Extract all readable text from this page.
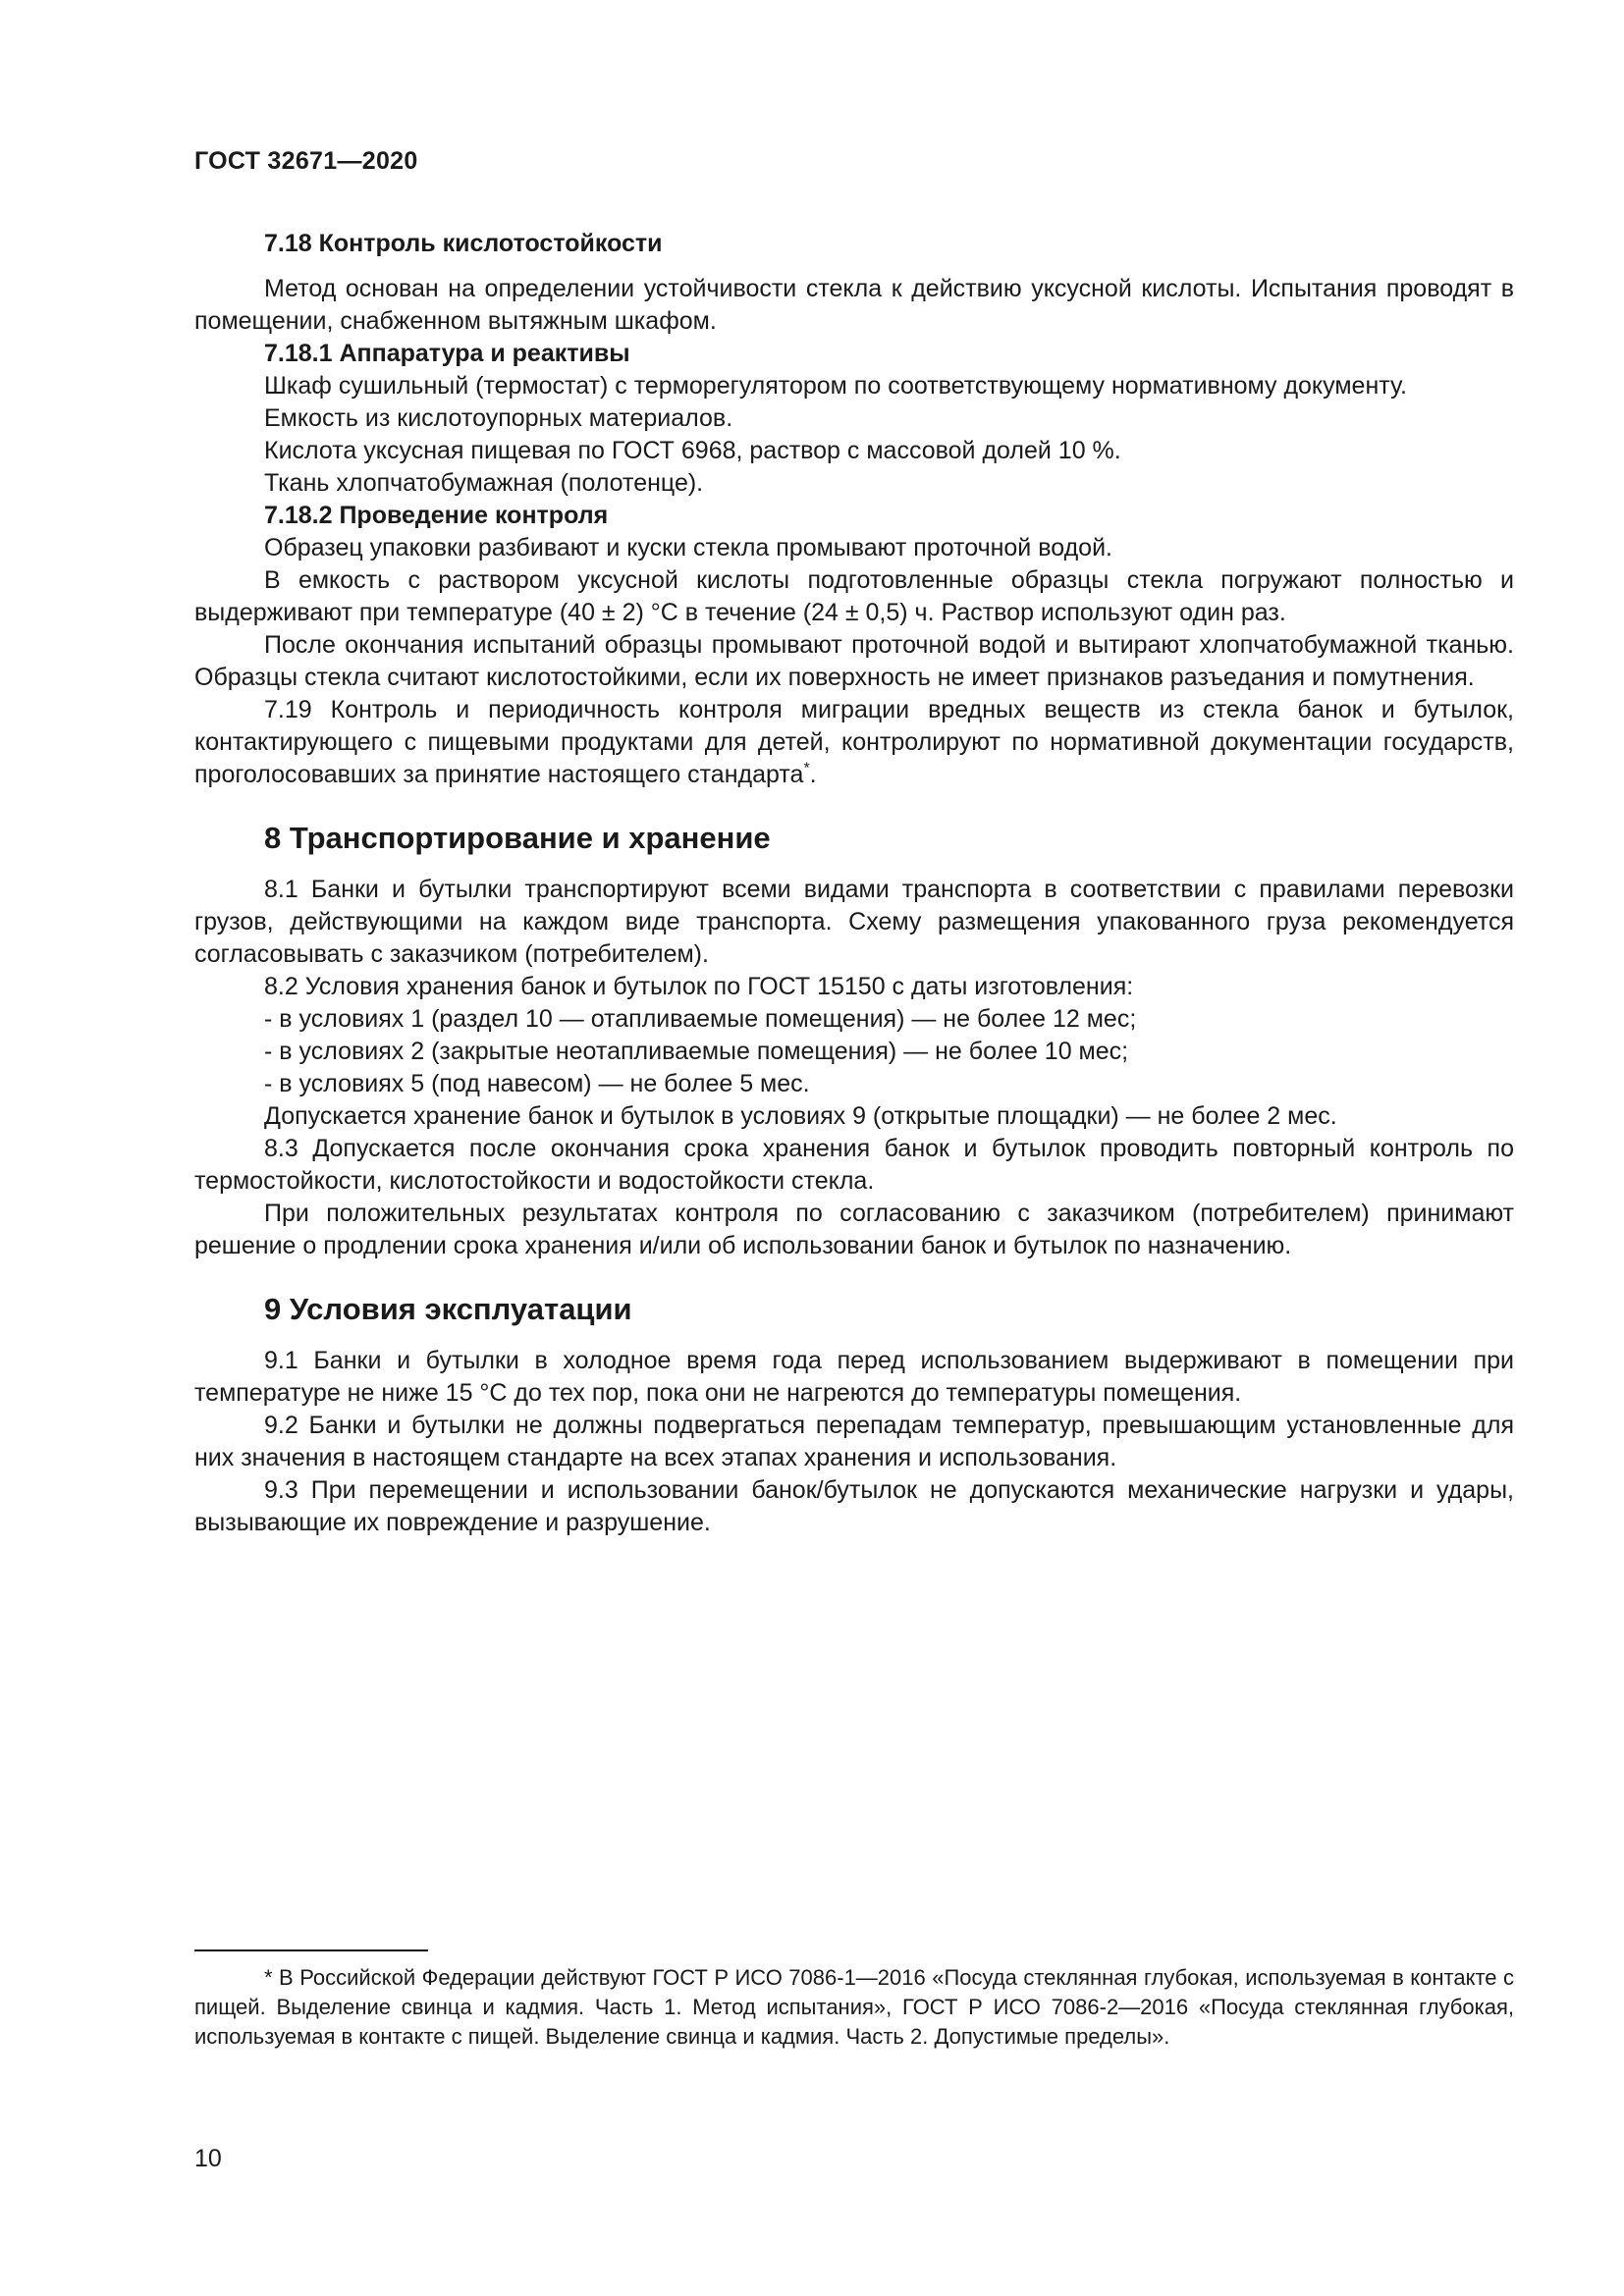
ГОСТ 32671—2020

7.18 Контроль кислотостойкости

Метод основан на определении устойчивости стекла к действию уксусной кислоты. Испытания проводят в помещении, снабженном вытяжным шкафом.

7.18.1 Аппаратура и реактивы

Шкаф сушильный (термостат) с терморегулятором по соответствующему нормативному документу.

Емкость из кислотоупорных материалов.

Кислота уксусная пищевая по ГОСТ 6968, раствор с массовой долей 10 %.

Ткань хлопчатобумажная (полотенце).

7.18.2 Проведение контроля

Образец упаковки разбивают и куски стекла промывают проточной водой.

В емкость с раствором уксусной кислоты подготовленные образцы стекла погружают полностью и выдерживают при температуре (40 ± 2) °С в течение (24 ± 0,5) ч. Раствор используют один раз.

После окончания испытаний образцы промывают проточной водой и вытирают хлопчатобумажной тканью. Образцы стекла считают кислотостойкими, если их поверхность не имеет признаков разъедания и помутнения.

7.19 Контроль и периодичность контроля миграции вредных веществ из стекла банок и бутылок, контактирующего с пищевыми продуктами для детей, контролируют по нормативной документации государств, проголосовавших за принятие настоящего стандарта*.

8 Транспортирование и хранение

8.1 Банки и бутылки транспортируют всеми видами транспорта в соответствии с правилами перевозки грузов, действующими на каждом виде транспорта. Схему размещения упакованного груза рекомендуется согласовывать с заказчиком (потребителем).

8.2 Условия хранения банок и бутылок по ГОСТ 15150 с даты изготовления:

- в условиях 1 (раздел 10 — отапливаемые помещения) — не более 12 мес;

- в условиях 2 (закрытые неотапливаемые помещения) — не более 10 мес;

- в условиях 5 (под навесом) — не более 5 мес.

Допускается хранение банок и бутылок в условиях 9 (открытые площадки) — не более 2 мес.

8.3 Допускается после окончания срока хранения банок и бутылок проводить повторный контроль по термостойкости, кислотостойкости и водостойкости стекла.

При положительных результатах контроля по согласованию с заказчиком (потребителем) принимают решение о продлении срока хранения и/или об использовании банок и бутылок по назначению.

9 Условия эксплуатации

9.1 Банки и бутылки в холодное время года перед использованием выдерживают в помещении при температуре не ниже 15 °С до тех пор, пока они не нагреются до температуры помещения.

9.2 Банки и бутылки не должны подвергаться перепадам температур, превышающим установленные для них значения в настоящем стандарте на всех этапах хранения и использования.

9.3 При перемещении и использовании банок/бутылок не допускаются механические нагрузки и удары, вызывающие их повреждение и разрушение.

* В Российской Федерации действуют ГОСТ Р ИСО 7086-1—2016 «Посуда стеклянная глубокая, используемая в контакте с пищей. Выделение свинца и кадмия. Часть 1. Метод испытания», ГОСТ Р ИСО 7086-2—2016 «Посуда стеклянная глубокая, используемая в контакте с пищей. Выделение свинца и кадмия. Часть 2. Допустимые пределы».

10
